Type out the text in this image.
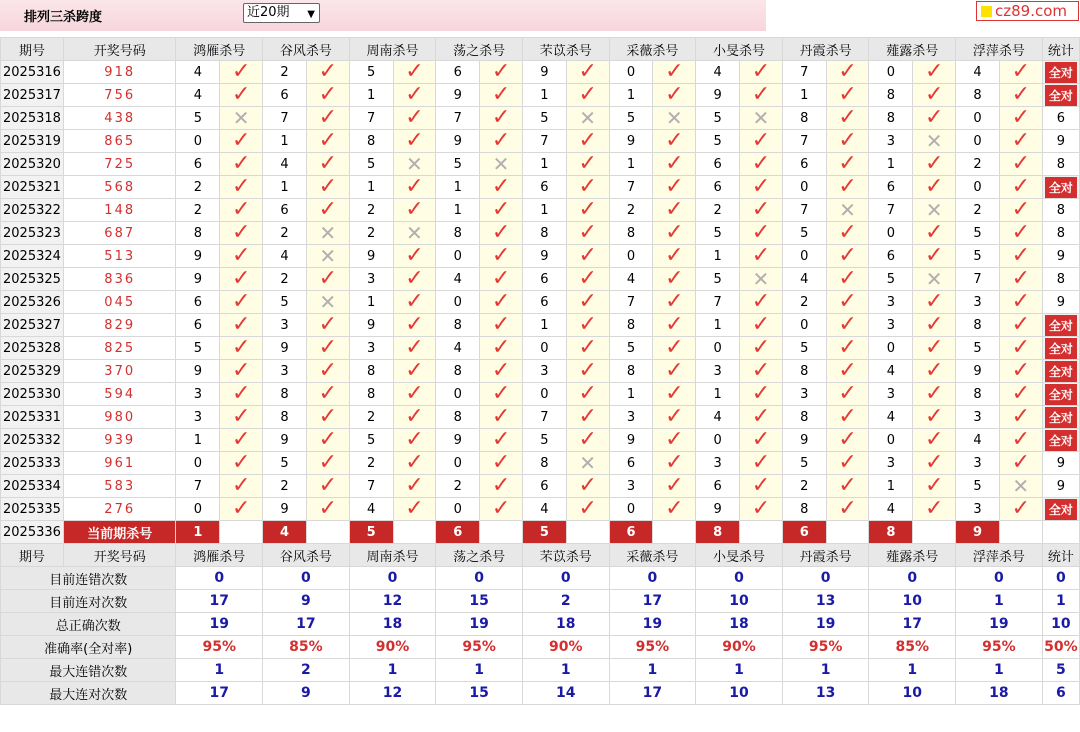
排列三杀跨度	近20期 ▼	cz89.com
期号	开奖号码	鸿雁杀号		谷风杀号		周南杀号		荡之杀号		芣苡杀号		采薇杀号		小旻杀号		丹霞杀号		薤露杀号		浮萍杀号		统计
2025316	918	4	✓	2	✓	5	✓	6	✓	9	✓	0	✓	4	✓	7	✓	0	✓	4	✓	全对
2025317	756	4	✓	6	✓	1	✓	9	✓	1	✓	1	✓	9	✓	1	✓	8	✓	8	✓	全对
2025318	438	5	✕	7	✓	7	✓	7	✓	5	✕	5	✕	5	✕	8	✓	8	✓	0	✓	6
2025319	865	0	✓	1	✓	8	✓	9	✓	7	✓	9	✓	5	✓	7	✓	3	✕	0	✓	9
2025320	725	6	✓	4	✓	5	✕	5	✕	1	✓	1	✓	6	✓	6	✓	1	✓	2	✓	8
2025321	568	2	✓	1	✓	1	✓	1	✓	6	✓	7	✓	6	✓	0	✓	6	✓	0	✓	全对
2025322	148	2	✓	6	✓	2	✓	1	✓	1	✓	2	✓	2	✓	7	✕	7	✕	2	✓	8
2025323	687	8	✓	2	✕	2	✕	8	✓	8	✓	8	✓	5	✓	5	✓	0	✓	5	✓	8
2025324	513	9	✓	4	✕	9	✓	0	✓	9	✓	0	✓	1	✓	0	✓	6	✓	5	✓	9
2025325	836	9	✓	2	✓	3	✓	4	✓	6	✓	4	✓	5	✕	4	✓	5	✕	7	✓	8
2025326	045	6	✓	5	✕	1	✓	0	✓	6	✓	7	✓	7	✓	2	✓	3	✓	3	✓	9
2025327	829	6	✓	3	✓	9	✓	8	✓	1	✓	8	✓	1	✓	0	✓	3	✓	8	✓	全对
2025328	825	5	✓	9	✓	3	✓	4	✓	0	✓	5	✓	0	✓	5	✓	0	✓	5	✓	全对
2025329	370	9	✓	3	✓	8	✓	8	✓	3	✓	8	✓	3	✓	8	✓	4	✓	9	✓	全对
2025330	594	3	✓	8	✓	8	✓	0	✓	0	✓	1	✓	1	✓	3	✓	3	✓	8	✓	全对
2025331	980	3	✓	8	✓	2	✓	8	✓	7	✓	3	✓	4	✓	8	✓	4	✓	3	✓	全对
2025332	939	1	✓	9	✓	5	✓	9	✓	5	✓	9	✓	0	✓	9	✓	0	✓	4	✓	全对
2025333	961	0	✓	5	✓	2	✓	0	✓	8	✕	6	✓	3	✓	5	✓	3	✓	3	✓	9
2025334	583	7	✓	2	✓	7	✓	2	✓	6	✓	3	✓	6	✓	2	✓	1	✓	5	✕	9
2025335	276	0	✓	9	✓	4	✓	0	✓	4	✓	0	✓	9	✓	8	✓	4	✓	3	✓	全对
2025336	当前期杀号	1		4		5		6		5		6		8		6		8		9		
期号	开奖号码	鸿雁杀号		谷风杀号		周南杀号		荡之杀号		芣苡杀号		采薇杀号		小旻杀号		丹霞杀号		薤露杀号		浮萍杀号		统计
目前连错次数		0		0		0		0		0		0		0		0		0		0		0
目前连对次数		17		9		12		15		2		17		10		13		10		1		1
总正确次数		19		17		18		19		18		19		18		19		17		19		10
准确率(全对率)		95%		85%		90%		95%		90%		95%		90%		95%		85%		95%		50%
最大连错次数		1		2		1		1		1		1		1		1		1		1		5
最大连对次数		17		9		12		15		14		17		10		13		10		18		6
